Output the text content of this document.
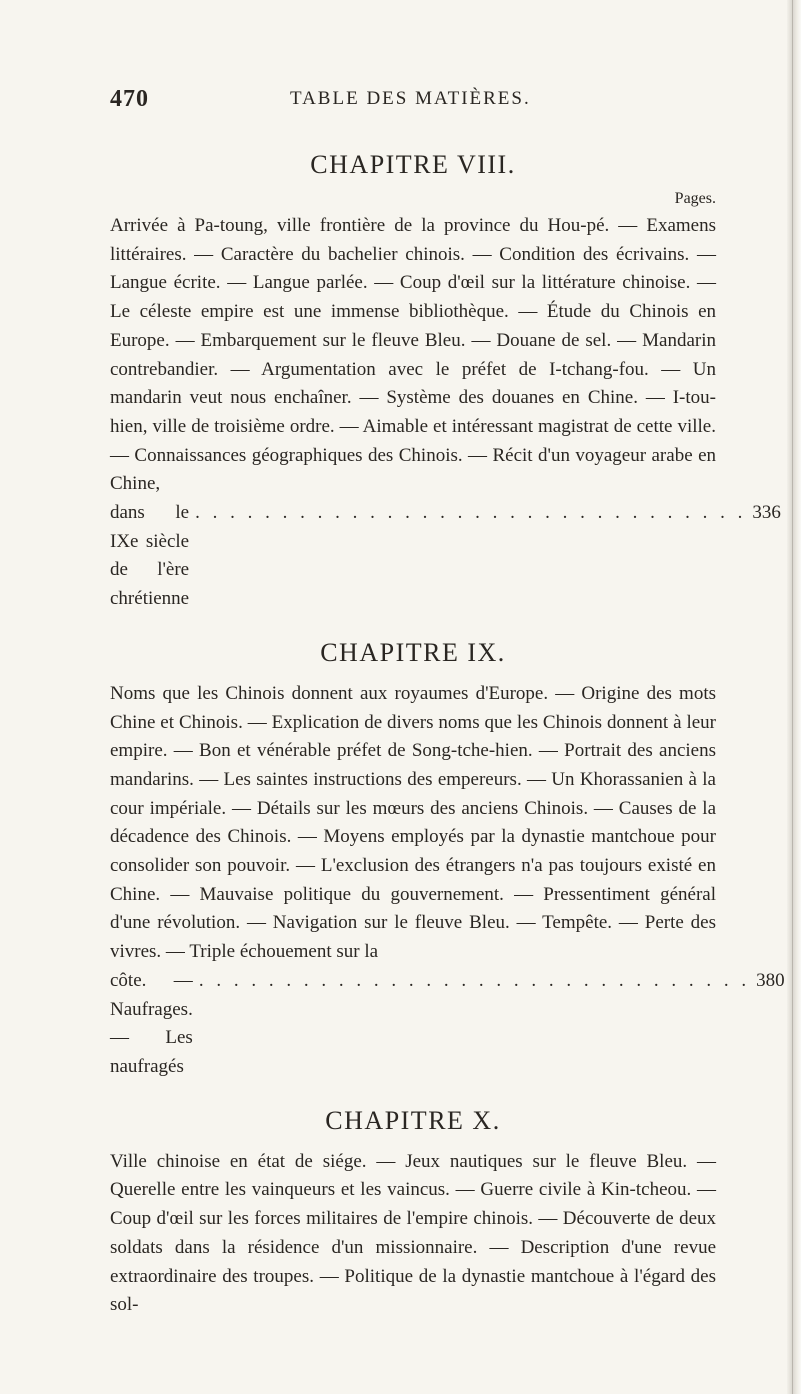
470	TABLE DES MATIÈRES.
CHAPITRE VIII.

Pages.

Arrivée à Pa-toung, ville frontière de la province du Hou-pé. — Examens littéraires. — Caractère du bachelier chinois. — Condition des écrivains. — Langue écrite. — Langue parlée. — Coup d'œil sur la littérature chinoise. — Le céleste empire est une immense bibliothèque. — Étude du Chinois en Europe. — Embarquement sur le fleuve Bleu. — Douane de sel. — Mandarin contrebandier. — Argumentation avec le préfet de I-tchang-fou. — Un mandarin veut nous enchaîner. — Système des douanes en Chine. — I-tou-hien, ville de troisième ordre. — Aimable et intéressant magistrat de cette ville. — Connaissances géographiques des Chinois. — Récit d'un voyageur arabe en Chine,
dans le IXe siècle de l'ère chrétienne
. . . . . . . . . . . . . . . . . . . . . . . . . . . . . . . . 336

CHAPITRE IX.

Noms que les Chinois donnent aux royaumes d'Europe. — Origine des mots Chine et Chinois. — Explication de divers noms que les Chinois donnent à leur empire. — Bon et vénérable préfet de Song-tche-hien. — Portrait des anciens mandarins. — Les saintes instructions des empereurs. — Un Khorassanien à la cour impériale. — Détails sur les mœurs des anciens Chinois. — Causes de la décadence des Chinois. — Moyens employés par la dynastie mantchoue pour consolider son pouvoir. — L'exclusion des étrangers n'a pas toujours existé en Chine. — Mauvaise politique du gouvernement. — Pressentiment général d'une révolution. — Navigation sur le fleuve Bleu. — Tempête. — Perte des vivres. — Triple échouement sur la
côte. — Naufrages. — Les naufragés
. . . . . . . . . . . . . . . . . . . . . . . . . . . . . . . . 380

CHAPITRE X.

Ville chinoise en état de siége. — Jeux nautiques sur le fleuve Bleu. — Querelle entre les vainqueurs et les vaincus. — Guerre civile à Kin-tcheou. — Coup d'œil sur les forces militaires de l'empire chinois. — Découverte de deux soldats dans la résidence d'un missionnaire. — Description d'une revue extraordinaire des troupes. — Politique de la dynastie mantchoue à l'égard des sol-
